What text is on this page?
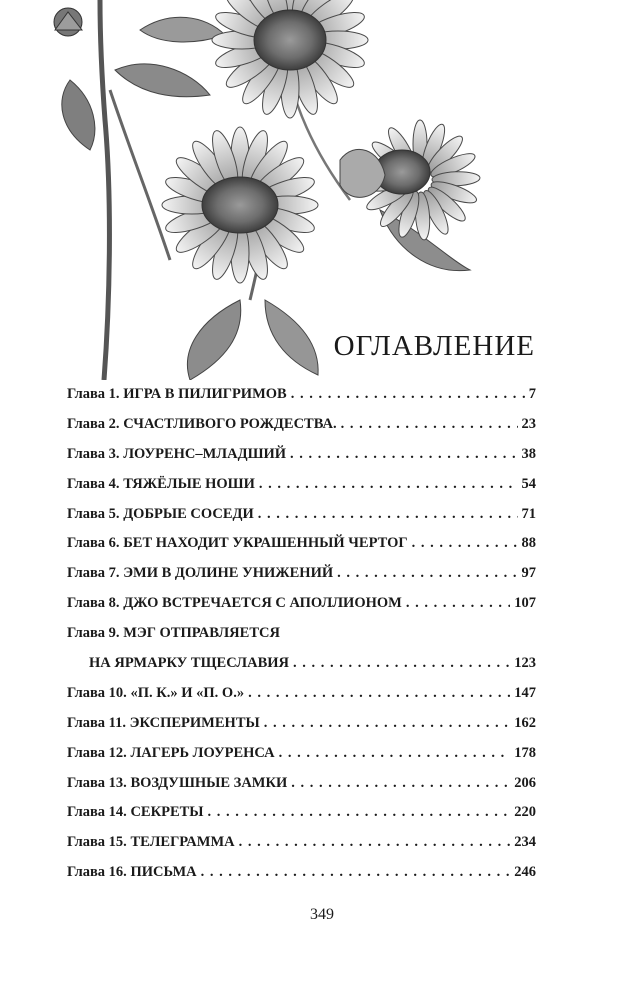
ОГЛАВЛЕНИЕ
Глава 1.
ИГРА В ПИЛИГРИМОВ . . .	7
Глава 2.
СЧАСТЛИВОГО РОЖДЕСТВА. . . .	23
Глава 3.
ЛОУРЕНС–МЛАДШИЙ . . .	38
Глава 4.
ТЯЖЁЛЫЕ НОШИ . . .	54
Глава 5.
ДОБРЫЕ СОСЕДИ . . .	71
Глава 6.
БЕТ НАХОДИТ УКРАШЕННЫЙ ЧЕРТОГ . . .	88
Глава 7.
ЭМИ В ДОЛИНЕ УНИЖЕНИЙ . . .	97
Глава 8.
ДЖО ВСТРЕЧАЕТСЯ С АПОЛЛИОНОМ . . .	107
Глава 9.
МЭГ ОТПРАВЛЯЕТСЯ
НА ЯРМАРКУ ТЩЕСЛАВИЯ . . .	123
Глава 10.
«П. К.» И «П. О.» . . .	147
Глава 11.
ЭКСПЕРИМЕНТЫ . . .	162
Глава 12.
ЛАГЕРЬ ЛОУРЕНСА . . .	178
Глава 13.
ВОЗДУШНЫЕ ЗАМКИ . . .	206
Глава 14.
СЕКРЕТЫ . . .	220
Глава 15.
ТЕЛЕГРАММА . . .	234
Глава 16.
ПИСЬМА . . .	246
349
